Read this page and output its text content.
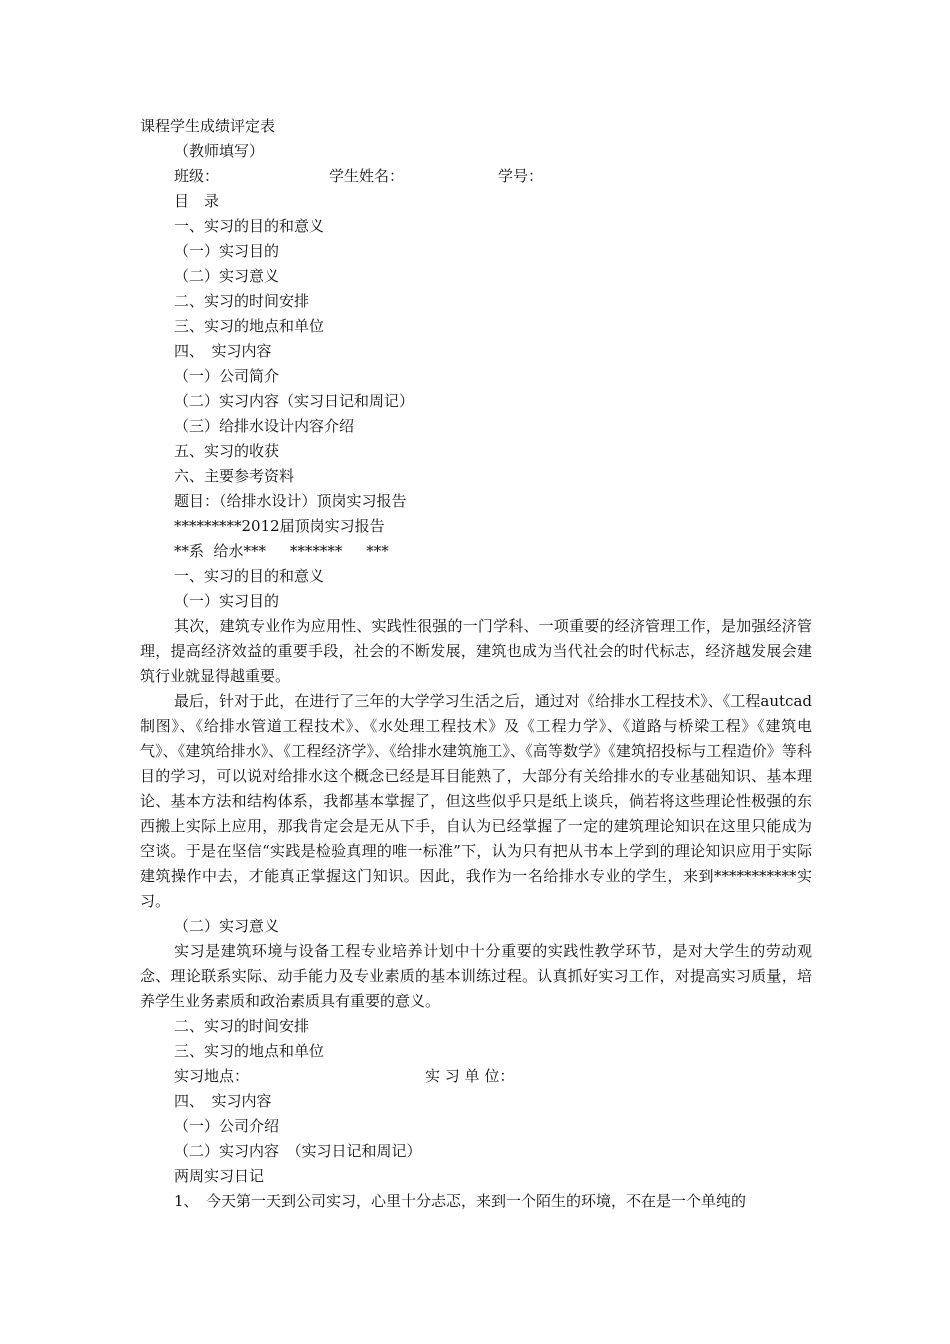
课程学生成绩评定表
（教师填写）
班级：	学生姓名：	学号：
目　录
一、实习的目的和意义
（一）实习目的
（二）实习意义
二、实习的时间安排
三、实习的地点和单位
四、　实习内容
（一）公司简介
（二）实习内容（实习日记和周记）
（三）给排水设计内容介绍
五、实习的收获
六、主要参考资料
题目：（给排水设计）顶岗实习报告
*********2012届顶岗实习报告
**系  给水***     *******     ***
一、实习的目的和意义
（一）实习目的
其次，建筑专业作为应用性、实践性很强的一门学科、一项重要的经济管理工作，是加强经济管理，提高经济效益的重要手段，社会的不断发展，建筑也成为当代社会的时代标志，经济越发展会建筑行业就显得越重要。
最后，针对于此，在进行了三年的大学学习生活之后，通过对《给排水工程技术》、《工程autcad制图》、《给排水管道工程技术》、《水处理工程技术》及《工程力学》、《道路与桥梁工程》《建筑电气》、《建筑给排水》、《工程经济学》、《给排水建筑施工》、《高等数学》《建筑招投标与工程造价》等科目的学习，可以说对给排水这个概念已经是耳目能熟了，大部分有关给排水的专业基础知识、基本理论、基本方法和结构体系，我都基本掌握了，但这些似乎只是纸上谈兵，倘若将这些理论性极强的东西搬上实际上应用，那我肯定会是无从下手，自认为已经掌握了一定的建筑理论知识在这里只能成为空谈。于是在坚信“实践是检验真理的唯一标准”下，认为只有把从书本上学到的理论知识应用于实际建筑操作中去，才能真正掌握这门知识。因此，我作为一名给排水专业的学生，来到***********实习。
（二）实习意义
实习是建筑环境与设备工程专业培养计划中十分重要的实践性教学环节，是对大学生的劳动观念、理论联系实际、动手能力及专业素质的基本训练过程。认真抓好实习工作，对提高实习质量，培养学生业务素质和政治素质具有重要的意义。
二、实习的时间安排
三、实习的地点和单位
实习地点：	实 习 单 位：
四、　实习内容
（一）公司介绍
（二）实习内容　（实习日记和周记）
两周实习日记
1、　今天第一天到公司实习，心里十分忐忑，来到一个陌生的环境，不在是一个单纯的
